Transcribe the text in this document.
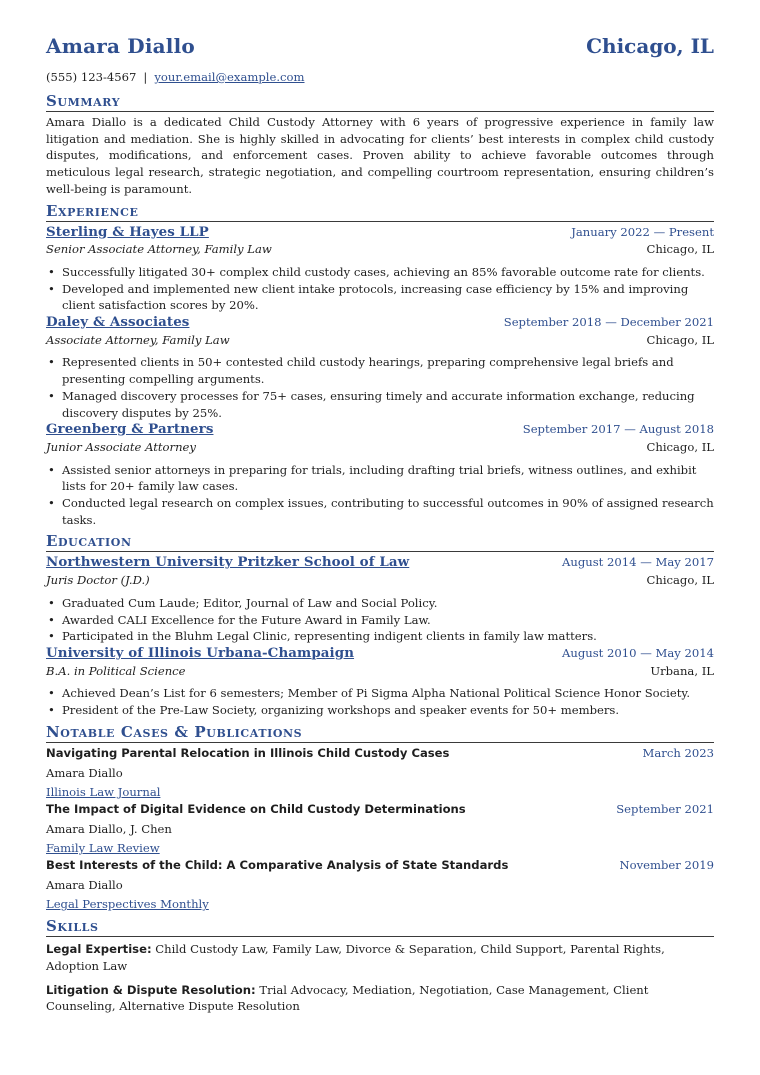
Amara Diallo	Chicago, IL
(555) 123-4567 | your.email@example.com
Summary

Amara Diallo is a dedicated Child Custody Attorney with 6 years of progressive experience in family law litigation and mediation. She is highly skilled in advocating for clients’ best interests in complex child custody disputes, modifications, and enforcement cases. Proven ability to achieve favorable outcomes through meticulous legal research, strategic negotiation, and compelling courtroom representation, ensuring children’s well-being is paramount.

Experience
Sterling & Hayes LLP	January 2022 — Present
Senior Associate Attorney, Family Law	Chicago, IL
• Successfully litigated 30+ complex child custody cases, achieving an 85% favorable outcome rate for clients.
• Developed and implemented new client intake protocols, increasing case efficiency by 15% and improving client satisfaction scores by 20%.
Daley & Associates	September 2018 — December 2021
Associate Attorney, Family Law	Chicago, IL
• Represented clients in 50+ contested child custody hearings, preparing comprehensive legal briefs and presenting compelling arguments.
• Managed discovery processes for 75+ cases, ensuring timely and accurate information exchange, reducing discovery disputes by 25%.
Greenberg & Partners	September 2017 — August 2018
Junior Associate Attorney	Chicago, IL
• Assisted senior attorneys in preparing for trials, including drafting trial briefs, witness outlines, and exhibit lists for 20+ family law cases.
• Conducted legal research on complex issues, contributing to successful outcomes in 90% of assigned research tasks.
Education
Northwestern University Pritzker School of Law	August 2014 — May 2017
Juris Doctor (J.D.)	Chicago, IL
• Graduated Cum Laude; Editor, Journal of Law and Social Policy.
• Awarded CALI Excellence for the Future Award in Family Law.
• Participated in the Bluhm Legal Clinic, representing indigent clients in family law matters.
University of Illinois Urbana-Champaign	August 2010 — May 2014
B.A. in Political Science	Urbana, IL
• Achieved Dean’s List for 6 semesters; Member of Pi Sigma Alpha National Political Science Honor Society.
• President of the Pre-Law Society, organizing workshops and speaker events for 50+ members.
Notable Cases & Publications
Navigating Parental Relocation in Illinois Child Custody Cases	March 2023
Amara Diallo
Illinois Law Journal
The Impact of Digital Evidence on Child Custody Determinations	September 2021
Amara Diallo, J. Chen
Family Law Review
Best Interests of the Child: A Comparative Analysis of State Standards	November 2019
Amara Diallo
Legal Perspectives Monthly
Skills
Legal Expertise: Child Custody Law, Family Law, Divorce & Separation, Child Support, Parental Rights, Adoption Law
Litigation & Dispute Resolution: Trial Advocacy, Mediation, Negotiation, Case Management, Client Counseling, Alternative Dispute Resolution
